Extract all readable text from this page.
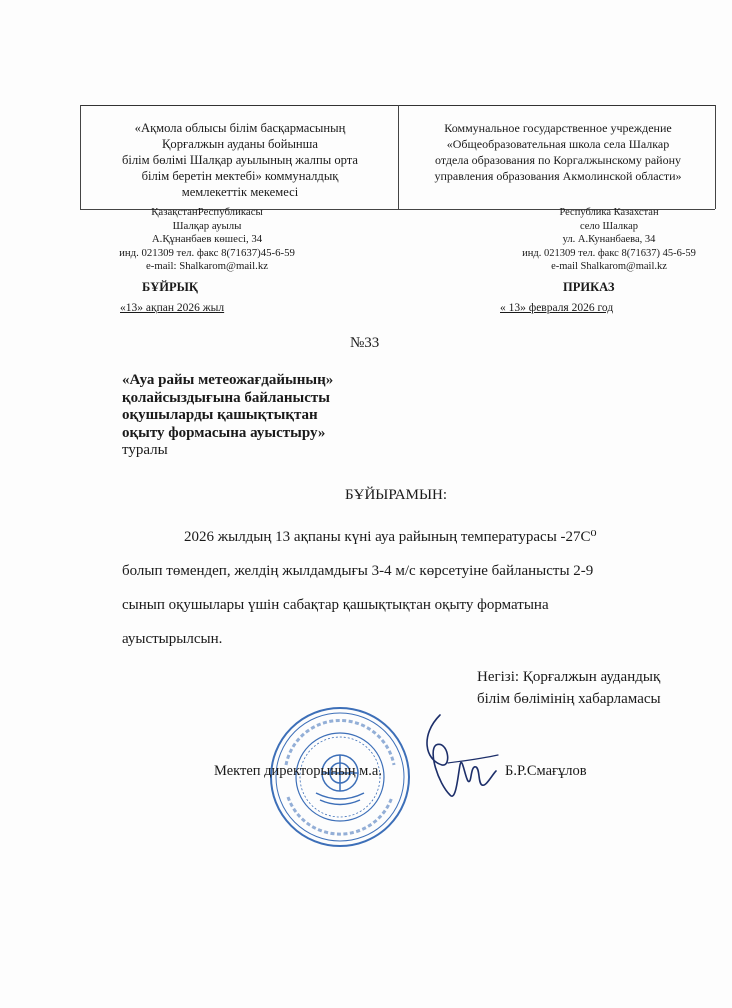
«Ақмола облысы білім басқармасының
Қорғалжын ауданы бойынша
білім бөлімі Шалқар ауылының жалпы орта
білім беретін мектебі» коммуналдық
мемлекеттік мекемесі
Коммунальное государственное учреждение
«Общеобразовательная школа села Шалкар
отдела образования по Коргалжынскому району
управления образования Акмолинской области»
ҚазақстанРеспубликасы
Шалқар ауылы
А.Құнанбаев көшесі, 34
инд. 021309 тел. факс 8(71637)45-6-59
e-mail: Shalkarom@mail.kz
Республика Казахстан
село Шалкар
ул. А.Кунанбаева, 34
инд. 021309 тел. факс 8(71637) 45-6-59
e-mail Shalkarom@mail.kz
БҰЙРЫҚ	ПРИКАЗ
«13» ақпан 2026 жыл	« 13» февраля 2026 год
№33
«Ауа райы метеожағдайының»
қолайсыздығына байланысты
оқушыларды қашықтықтан
оқыту формасына ауыстыру»
туралы
БҰЙЫРАМЫН:
2026 жылдың 13 ақпаны күні ауа райының температурасы -27С⁰
болып төмендеп, желдің жылдамдығы 3-4 м/с көрсетуіне байланысты 2-9
сынып оқушылары үшін сабақтар қашықтықтан оқыту форматына
ауыстырылсын.
Негізі: Қорғалжын аудандық
білім бөлімінің хабарламасы
Мектеп директорының м.а.	Б.Р.Смағұлов
